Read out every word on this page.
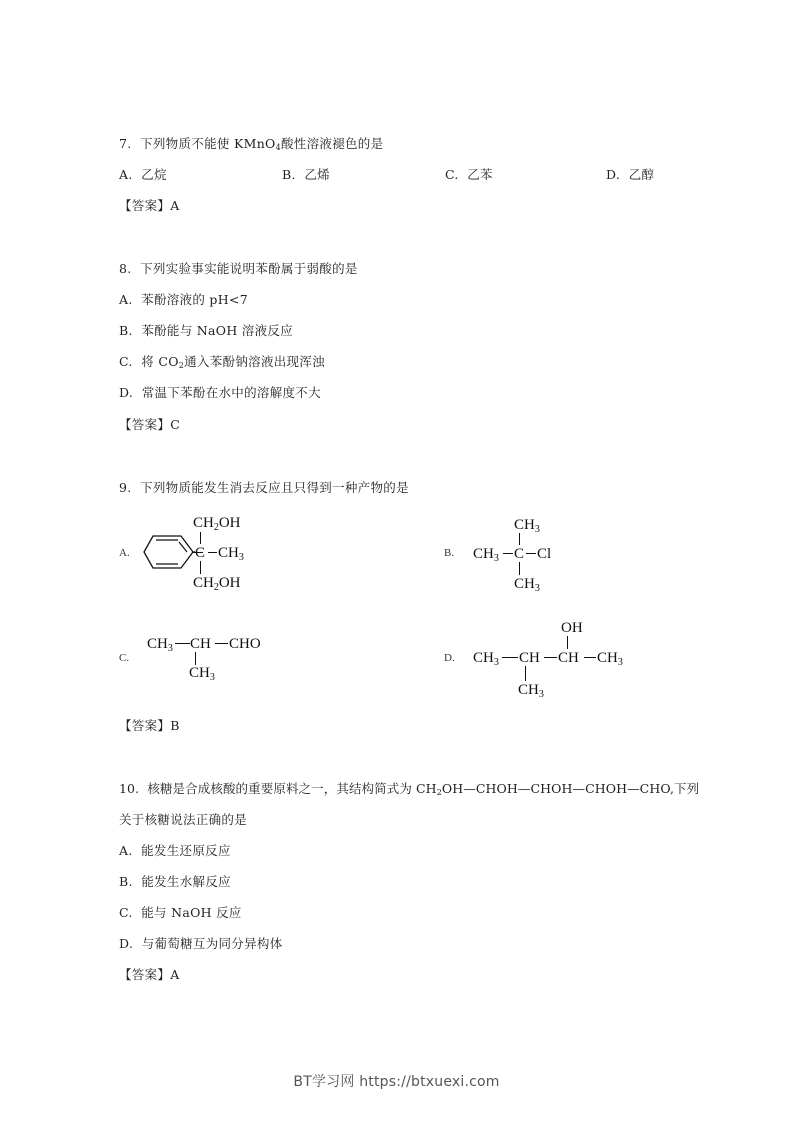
7. 下列物质不能使 KMnO$_4$酸性溶液褪色的是
A. 乙烷	B. 乙烯	C. 乙苯	D. 乙醇
【答案】A
8. 下列实验事实能说明苯酚属于弱酸的是
A. 苯酚溶液的 pH<7
B. 苯酚能与 NaOH 溶液反应
C. 将 $CO_2$通入苯酚钠溶液出现浑浊
D. 常温下苯酚在水中的溶解度不大
【答案】C
9. 下列物质能发生消去反应且只得到一种产物的是
A.
$CH_2OH$
C $CH_3$
$CH_2OH$
B.
$CH_3$
$CH_3$ C Cl
$CH_3$
C.
$CH_3$ CH CHO
$CH_3$
D.
OH
$CH_3$ CH CH $CH_3$
$CH_3$
【答案】B
10. 核糖是合成核酸的重要原料之一，其结构简式为 $CH_2OH—CHOH—CHOH—CHOH—CHO$,下列
关于核糖说法正确的是
A. 能发生还原反应
B. 能发生水解反应
C. 能与 NaOH 反应
D. 与葡萄糖互为同分异构体
【答案】A
BT学习网 https://btxuexi.com
